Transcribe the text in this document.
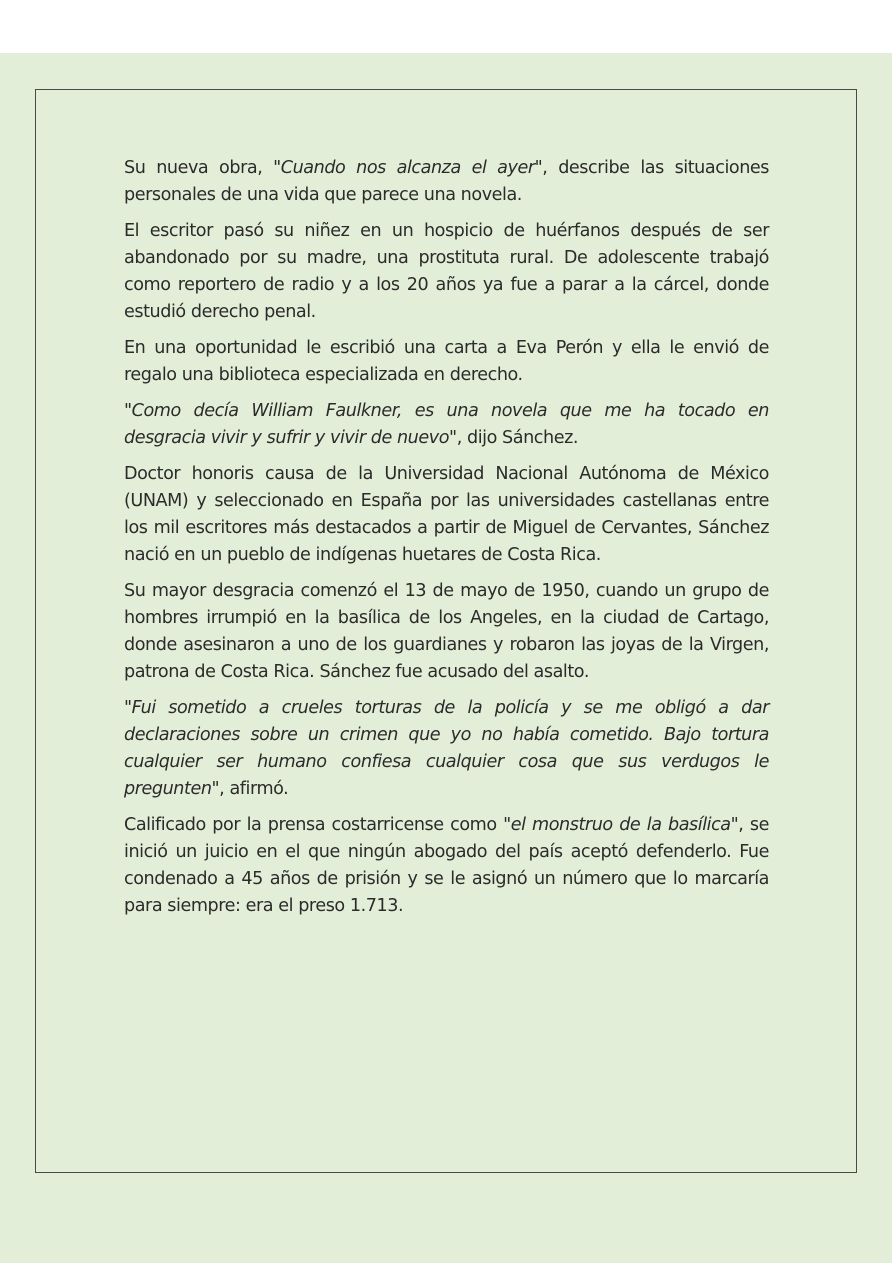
Su nueva obra, "Cuando nos alcanza el ayer", describe las situaciones personales de una vida que parece una novela.

El escritor pasó su niñez en un hospicio de huérfanos después de ser abandonado por su madre, una prostituta rural. De adolescente trabajó como reportero de radio y a los 20 años ya fue a parar a la cárcel, donde estudió derecho penal.

En una oportunidad le escribió una carta a Eva Perón y ella le envió de regalo una biblioteca especializada en derecho.

"Como decía William Faulkner, es una novela que me ha tocado en desgracia vivir y sufrir y vivir de nuevo", dijo Sánchez.

Doctor honoris causa de la Universidad Nacional Autónoma de México (UNAM) y seleccionado en España por las universidades castellanas entre los mil escritores más destacados a partir de Miguel de Cervantes, Sánchez nació en un pueblo de indígenas huetares de Costa Rica.

Su mayor desgracia comenzó el 13 de mayo de 1950, cuando un grupo de hombres irrumpió en la basílica de los Angeles, en la ciudad de Cartago, donde asesinaron a uno de los guardianes y robaron las joyas de la Virgen, patrona de Costa Rica. Sánchez fue acusado del asalto.

"Fui sometido a crueles torturas de la policía y se me obligó a dar declaraciones sobre un crimen que yo no había cometido. Bajo tortura cualquier ser humano confiesa cualquier cosa que sus verdugos le pregunten", afirmó.

Calificado por la prensa costarricense como "el monstruo de la basílica", se inició un juicio en el que ningún abogado del país aceptó defenderlo. Fue condenado a 45 años de prisión y se le asignó un número que lo marcaría para siempre: era el preso 1.713.
